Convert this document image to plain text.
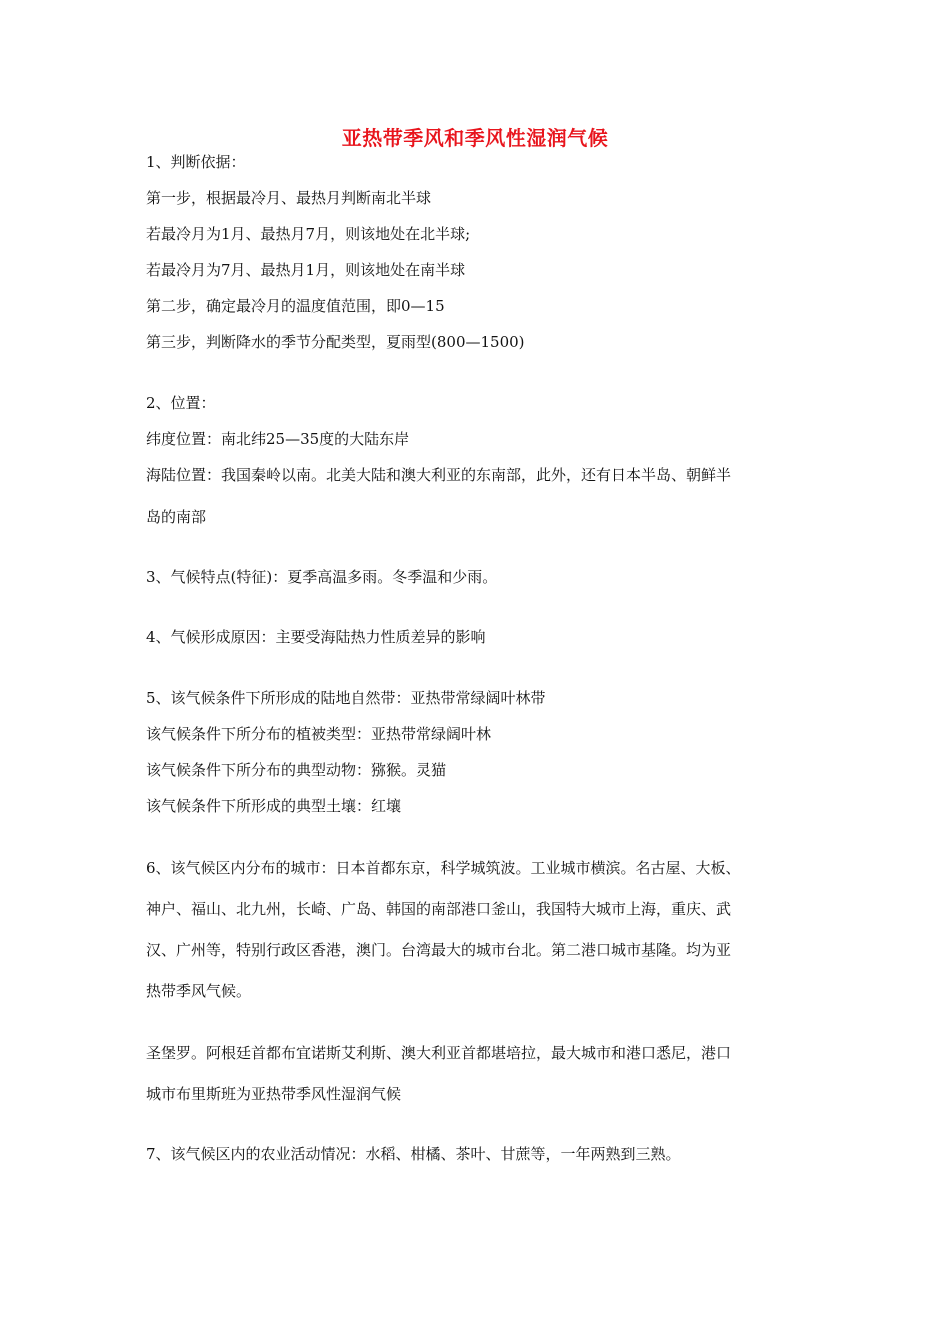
亚热带季风和季风性湿润气候
1、判断依据：
第一步，根据最冷月、最热月判断南北半球
若最冷月为1月、最热月7月，则该地处在北半球;
若最冷月为7月、最热月1月，则该地处在南半球
第二步，确定最冷月的温度值范围，即0—15
第三步，判断降水的季节分配类型，夏雨型(800—1500)
2、位置：
纬度位置：南北纬25—35度的大陆东岸
海陆位置：我国秦岭以南。北美大陆和澳大利亚的东南部，此外，还有日本半岛、朝鲜半
岛的南部
3、气候特点(特征)：夏季高温多雨。冬季温和少雨。
4、气候形成原因：主要受海陆热力性质差异的影响
5、该气候条件下所形成的陆地自然带：亚热带常绿阔叶林带
该气候条件下所分布的植被类型：亚热带常绿阔叶林
该气候条件下所分布的典型动物：猕猴。灵猫
该气候条件下所形成的典型土壤：红壤
6、该气候区内分布的城市：日本首都东京，科学城筑波。工业城市横滨。名古屋、大板、
神户、福山、北九州，长崎、广岛、韩国的南部港口釜山，我国特大城市上海，重庆、武
汉、广州等，特别行政区香港，澳门。台湾最大的城市台北。第二港口城市基隆。均为亚
热带季风气候。
圣堡罗。阿根廷首都布宜诺斯艾利斯、澳大利亚首都堪培拉，最大城市和港口悉尼，港口
城市布里斯班为亚热带季风性湿润气候
7、该气候区内的农业活动情况：水稻、柑橘、茶叶、甘蔗等，一年两熟到三熟。
